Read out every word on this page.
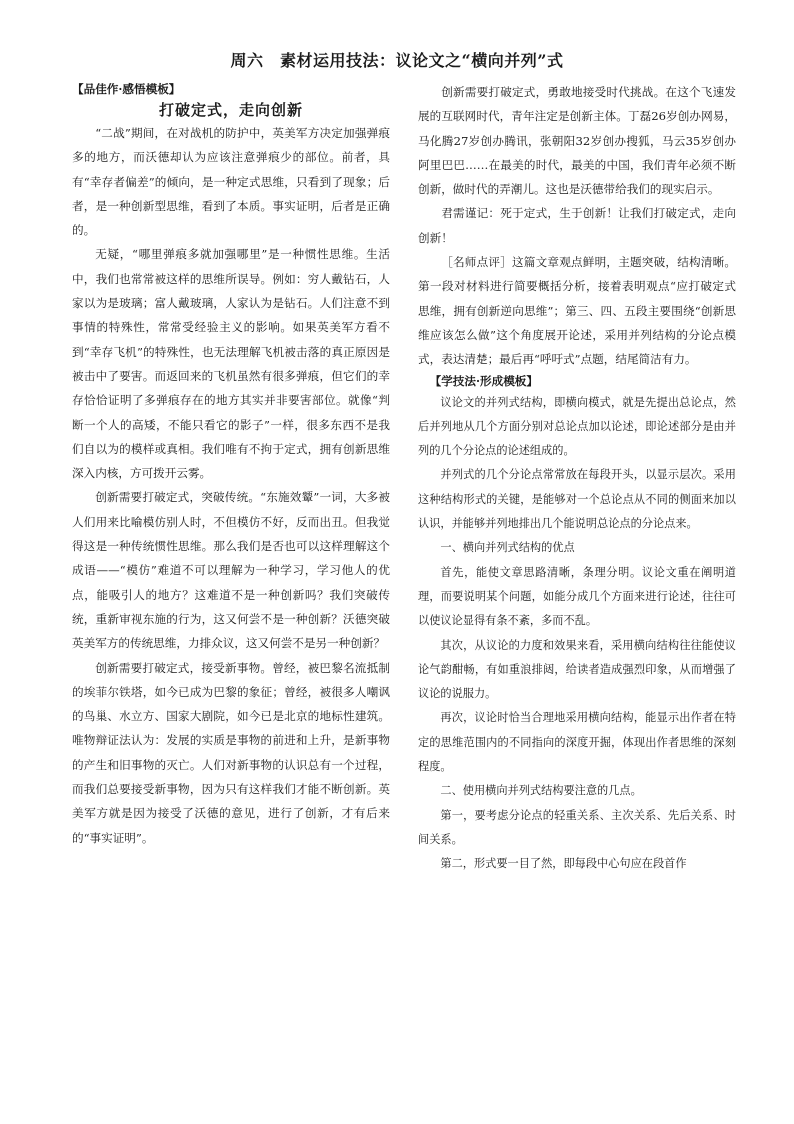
周六　素材运用技法：议论文之“横向并列”式

【品佳作·感悟模板】

打破定式，走向创新

“二战”期间，在对战机的防护中，英美军方决定加强弹痕多的地方，而沃德却认为应该注意弹痕少的部位。前者，具有“幸存者偏差”的倾向，是一种定式思维，只看到了现象；后者，是一种创新型思维，看到了本质。事实证明，后者是正确的。

无疑，“哪里弹痕多就加强哪里”是一种惯性思维。生活中，我们也常常被这样的思维所误导。例如：穷人戴钻石，人家以为是玻璃；富人戴玻璃，人家认为是钻石。人们注意不到事情的特殊性，常常受经验主义的影响。如果英美军方看不到“幸存飞机”的特殊性，也无法理解飞机被击落的真正原因是被击中了要害。而返回来的飞机虽然有很多弹痕，但它们的幸存恰恰证明了多弹痕存在的地方其实并非要害部位。就像“判断一个人的高矮，不能只看它的影子”一样，很多东西不是我们自以为的模样或真相。我们唯有不拘于定式，拥有创新思维深入内核，方可拨开云雾。

创新需要打破定式，突破传统。“东施效颦”一词，大多被人们用来比喻模仿别人时，不但模仿不好，反而出丑。但我觉得这是一种传统惯性思维。那么我们是否也可以这样理解这个成语——“模仿”难道不可以理解为一种学习，学习他人的优点，能吸引人的地方？这难道不是一种创新吗？我们突破传统，重新审视东施的行为，这又何尝不是一种创新？沃德突破英美军方的传统思维，力排众议，这又何尝不是另一种创新？

创新需要打破定式，接受新事物。曾经，被巴黎名流抵制的埃菲尔铁塔，如今已成为巴黎的象征；曾经，被很多人嘲讽的鸟巢、水立方、国家大剧院，如今已是北京的地标性建筑。唯物辩证法认为：发展的实质是事物的前进和上升，是新事物的产生和旧事物的灭亡。人们对新事物的认识总有一个过程，而我们总要接受新事物，因为只有这样我们才能不断创新。英美军方就是因为接受了沃德的意见，进行了创新，才有后来的“事实证明”。

创新需要打破定式，勇敢地接受时代挑战。在这个飞速发展的互联网时代，青年注定是创新主体。丁磊26岁创办网易，马化腾27岁创办腾讯，张朝阳32岁创办搜狐，马云35岁创办阿里巴巴……在最美的时代，最美的中国，我们青年必须不断创新，做时代的弄潮儿。这也是沃德带给我们的现实启示。

君需谨记：死于定式，生于创新！让我们打破定式，走向创新！

［名师点评］这篇文章观点鲜明，主题突破，结构清晰。第一段对材料进行简要概括分析，接着表明观点“应打破定式思维，拥有创新逆向思维”；第三、四、五段主要围绕“创新思维应该怎么做”这个角度展开论述，采用并列结构的分论点模式，表达清楚；最后再“呼吁式”点题，结尾简洁有力。

【学技法·形成模板】

议论文的并列式结构，即横向模式，就是先提出总论点，然后并列地从几个方面分别对总论点加以论述，即论述部分是由并列的几个分论点的论述组成的。

并列式的几个分论点常常放在每段开头，以显示层次。采用这种结构形式的关键，是能够对一个总论点从不同的侧面来加以认识，并能够并列地排出几个能说明总论点的分论点来。

一、横向并列式结构的优点

首先，能使文章思路清晰，条理分明。议论文重在阐明道理，而要说明某个问题，如能分成几个方面来进行论述，往往可以使议论显得有条不紊，多而不乱。

其次，从议论的力度和效果来看，采用横向结构往往能使议论气韵酣畅，有如重浪排闼，给读者造成强烈印象，从而增强了议论的说服力。

再次，议论时恰当合理地采用横向结构，能显示出作者在特定的思维范围内的不同指向的深度开掘，体现出作者思维的深刻程度。

二、使用横向并列式结构要注意的几点。

第一，要考虑分论点的轻重关系、主次关系、先后关系、时间关系。

第二，形式要一目了然，即每段中心句应在段首作
